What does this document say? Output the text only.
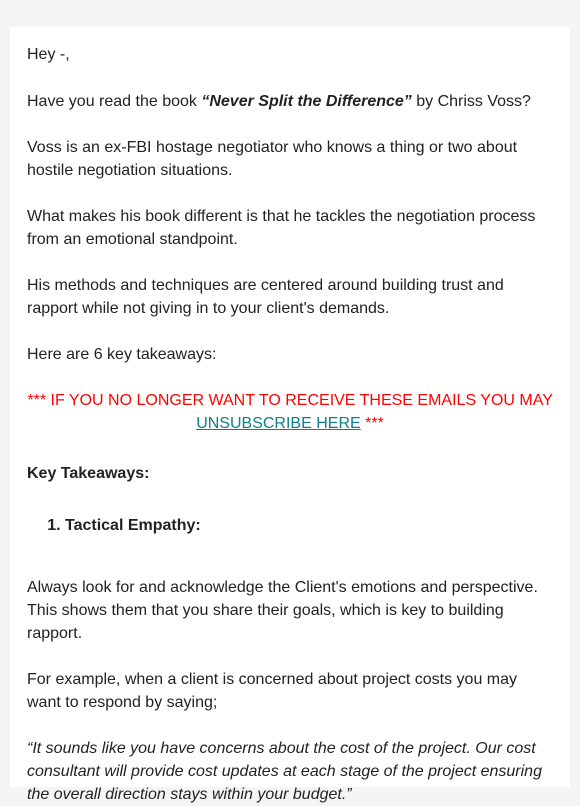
Hey -,

Have you read the book “Never Split the Difference” by Chriss Voss?

Voss is an ex-FBI hostage negotiator who knows a thing or two about hostile negotiation situations.

What makes his book different is that he tackles the negotiation process from an emotional standpoint.

His methods and techniques are centered around building trust and rapport while not giving in to your client's demands.

Here are 6 key takeaways:

*** IF YOU NO LONGER WANT TO RECEIVE THESE EMAILS YOU MAY UNSUBSCRIBE HERE ***

Key Takeaways:

1. Tactical Empathy:

Always look for and acknowledge the Client's emotions and perspective. This shows them that you share their goals, which is key to building rapport.

For example, when a client is concerned about project costs you may want to respond by saying;

“It sounds like you have concerns about the cost of the project. Our cost consultant will provide cost updates at each stage of the project ensuring the overall direction stays within your budget.”
